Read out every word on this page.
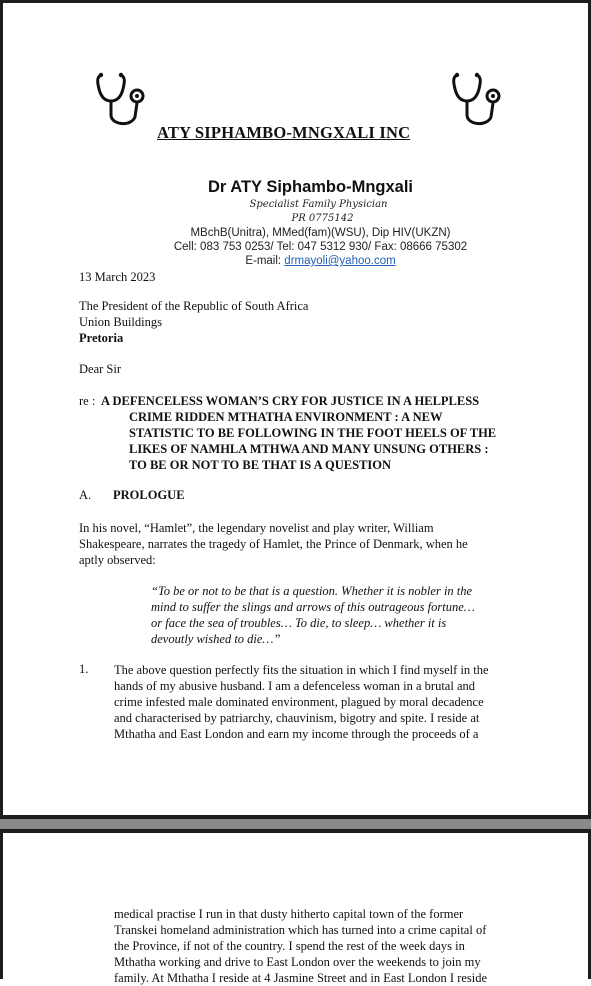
ATY SIPHAMBO-MNGXALI INC
Dr ATY Siphambo-Mngxali
Specialist Family Physician
PR 0775142
MBchB(Unitra), MMed(fam)(WSU), Dip HIV(UKZN)
Cell: 083 753 0253/ Tel: 047 5312 930/ Fax: 08666 75302
E-mail: drmayoli@yahoo.com
13 March 2023
The President of the Republic of South Africa
Union Buildings
Pretoria
Dear Sir
re : A DEFENCELESS WOMAN’S CRY FOR JUSTICE IN A HELPLESS
CRIME RIDDEN MTHATHA ENVIRONMENT : A NEW
STATISTIC TO BE FOLLOWING IN THE FOOT HEELS OF THE
LIKES OF NAMHLA MTHWA AND MANY UNSUNG OTHERS :
TO BE OR NOT TO BE THAT IS A QUESTION
A. PROLOGUE
In his novel, “Hamlet”, the legendary novelist and play writer, William
Shakespeare, narrates the tragedy of Hamlet, the Prince of Denmark, when he
aptly observed:
“To be or not to be that is a question. Whether it is nobler in the
mind to suffer the slings and arrows of this outrageous fortune…
or face the sea of troubles… To die, to sleep… whether it is
devoutly wished to die…”
1. The above question perfectly fits the situation in which I find myself in the
hands of my abusive husband. I am a defenceless woman in a brutal and
crime infested male dominated environment, plagued by moral decadence
and characterised by patriarchy, chauvinism, bigotry and spite. I reside at
Mthatha and East London and earn my income through the proceeds of a
medical practise I run in that dusty hitherto capital town of the former
Transkei homeland administration which has turned into a crime capital of
the Province, if not of the country. I spend the rest of the week days in
Mthatha working and drive to East London over the weekends to join my
family. At Mthatha I reside at 4 Jasmine Street and in East London I reside
